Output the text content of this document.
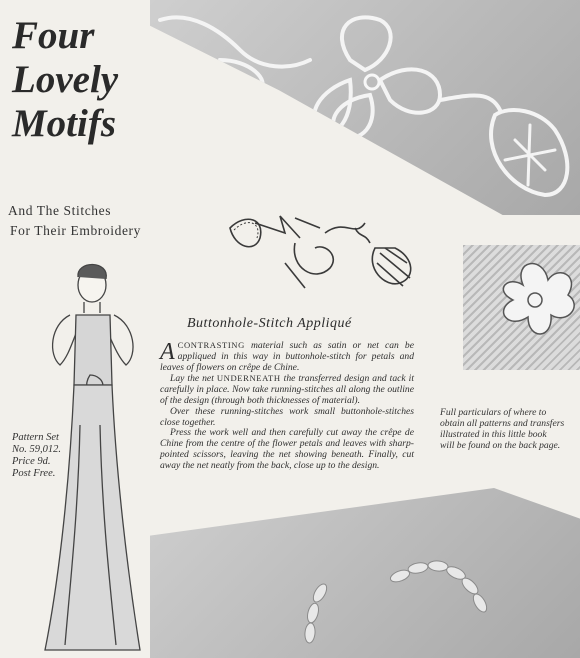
Four
Lovely
Motifs
And The Stitches
For Their Embroidery
Pattern Set
No. 59,012.
Price 9d.
Post Free.
Buttonhole-Stitch Appliqué

ACONTRASTING material such as satin or net can be appliqued in this way in buttonhole-stitch for petals and leaves of flowers on crêpe de Chine.

Lay the net UNDERNEATH the transferred design and tack it carefully in place. Now take running-stitches all along the outline of the design (through both thicknesses of material).

Over these running-stitches work small buttonhole-stitches close together.

Press the work well and then carefully cut away the crêpe de Chine from the centre of the flower petals and leaves with sharp-pointed scissors, leaving the net showing beneath. Finally, cut away the net neatly from the back, close up to the design.

Full particulars of where to
obtain all patterns and transfers
illustrated in this little book
will be found on the back page.
